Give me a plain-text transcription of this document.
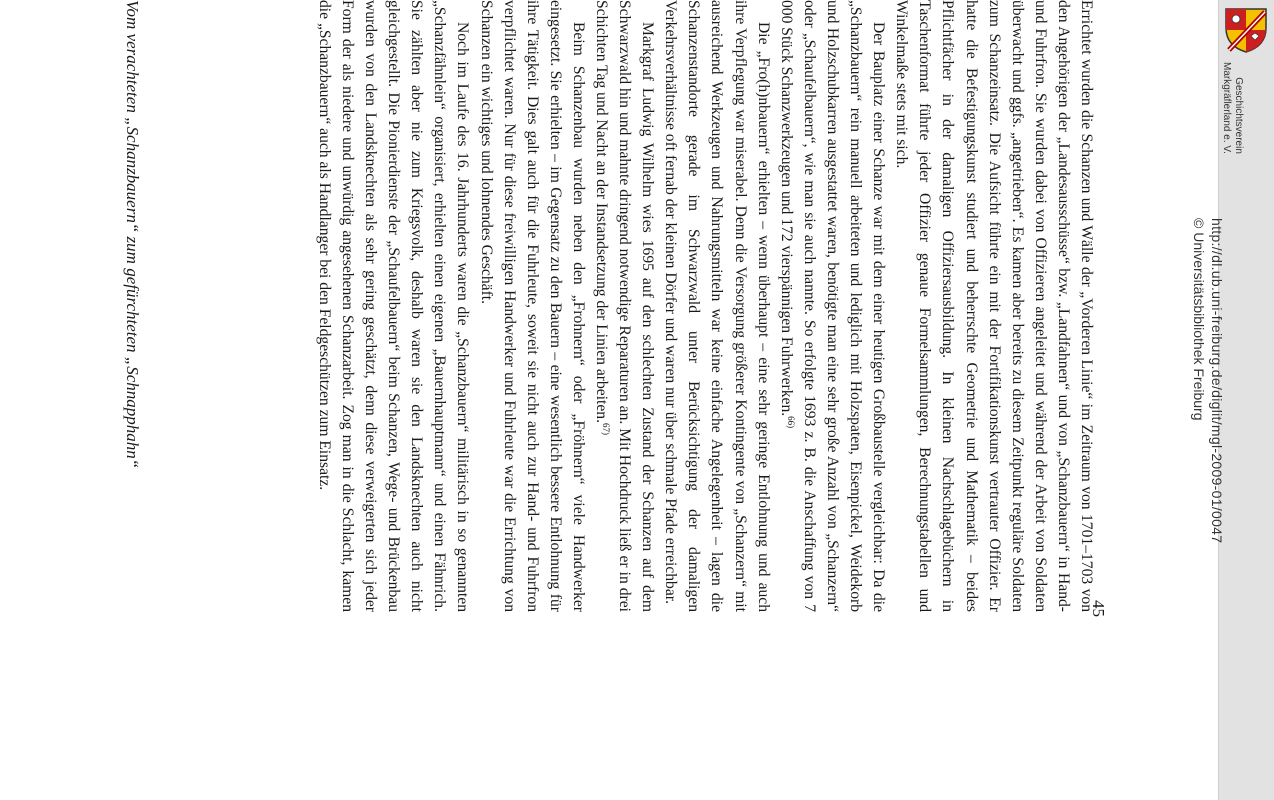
Errichtet wurden die Schanzen und Wälle der „Vorderen Linie“ im Zeitraum von 1701–1703 von den Angehörigen der „Landesausschüsse“ bzw. „Landfahnen“ und von „Schanzbauern“ in Hand- und Fuhrfron. Sie wurden dabei von Offizieren angeleitet und während der Arbeit von Soldaten überwacht und ggfs. „angetrieben“. Es kamen aber bereits zu diesem Zeitpunkt reguläre Soldaten zum Schanzeinsatz. Die Aufsicht führte ein mit der Fortifikationskunst vertrauter Offizier. Er hatte die Befestigungskunst studiert und beherrschte Geometrie und Mathematik – beides Pflichtfächer in der damaligen Offiziersausbildung. In kleinen Nachschlagebüchern in Taschenformat führte jeder Offizier genaue Formelsammlungen, Berechnungstabellen und Winkelmaße stets mit sich.

Der Bauplatz einer Schanze war mit dem einer heutigen Großbaustelle vergleichbar: Da die „Schanzbauern“ rein manuell arbeiteten und lediglich mit Holzspaten, Eisenpickel, Weidekorb und Holzschubkarren ausgestattet waren, benötigte man eine sehr große Anzahl von „Schanzern“ oder „Schaufelbauern“, wie man sie auch nannte. So erfolgte 1693 z. B. die Anschaffung von 7 000 Stück Schanzwerkzeugen und 172 vierspännigen Fuhrwerken.$^{66)}$

Die „Fro(h)nbauern“ erhielten – wenn überhaupt – eine sehr geringe Entlohnung und auch ihre Verpflegung war miserabel. Denn die Versorgung größerer Kontingente von „Schanzern“ mit ausreichend Werkzeugen und Nahrungsmitteln war keine einfache Angelegenheit – lagen die Schanzenstandorte gerade im Schwarzwald unter Berücksichtigung der damaligen Verkehrsverhältnisse oft fernab der kleinen Dörfer und waren nur über schmale Pfade erreichbar.

Markgraf Ludwig Wilhelm wies 1695 auf den schlechten Zustand der Schanzen auf dem Schwarzwald hin und mahnte dringend notwendige Reparaturen an. Mit Hochdruck ließ er in drei Schichten Tag und Nacht an der Instandsetzung der Linien arbeiten.$^{67)}$

Beim Schanzenbau wurden neben den „Frohnern“ oder „Fröhnern“ viele Handwerker eingesetzt. Sie erhielten – im Gegensatz zu den Bauern – eine wesentlich bessere Entlohnung für ihre Tätigkeit. Dies galt auch für die Fuhrleute, soweit sie nicht auch zur Hand- und Fuhrfron verpflichtet waren. Nur für diese freiwilligen Handwerker und Fuhrleute war die Errichtung von Schanzen ein wichtiges und lohnendes Geschäft.

Noch im Laufe des 16. Jahrhunderts waren die „Schanzbauern“ militärisch in so genannten „Schanzfähnlein“ organisiert, erhielten einen eigenen „Bauernhauptmann“ und einen Fähnrich. Sie zählten aber nie zum Kriegsvolk, deshalb waren sie den Landsknechten auch nicht gleichgestellt. Die Pionierdienste der „Schaufelbauern“ beim Schanzen, Wege- und Brückenbau wurden von den Landsknechten als sehr gering geschätzt, denn diese verweigerten sich jeder Form der als niedere und unwürdig angesehenen Schanzarbeit. Zog man in die Schlacht, kamen die „Schanzbauern“ auch als Handlanger bei den Feldgeschützen zum Einsatz.

Vom verachteten „Schanzbauern“ zum gefürchteten „Schnapphahn“
45
Geschichtsverein
Markgräflerland e. V.
http://dl.ub.uni-freiburg.de/diglit/mgl-2009-01/0047
© Universitätsbibliothek Freiburg
